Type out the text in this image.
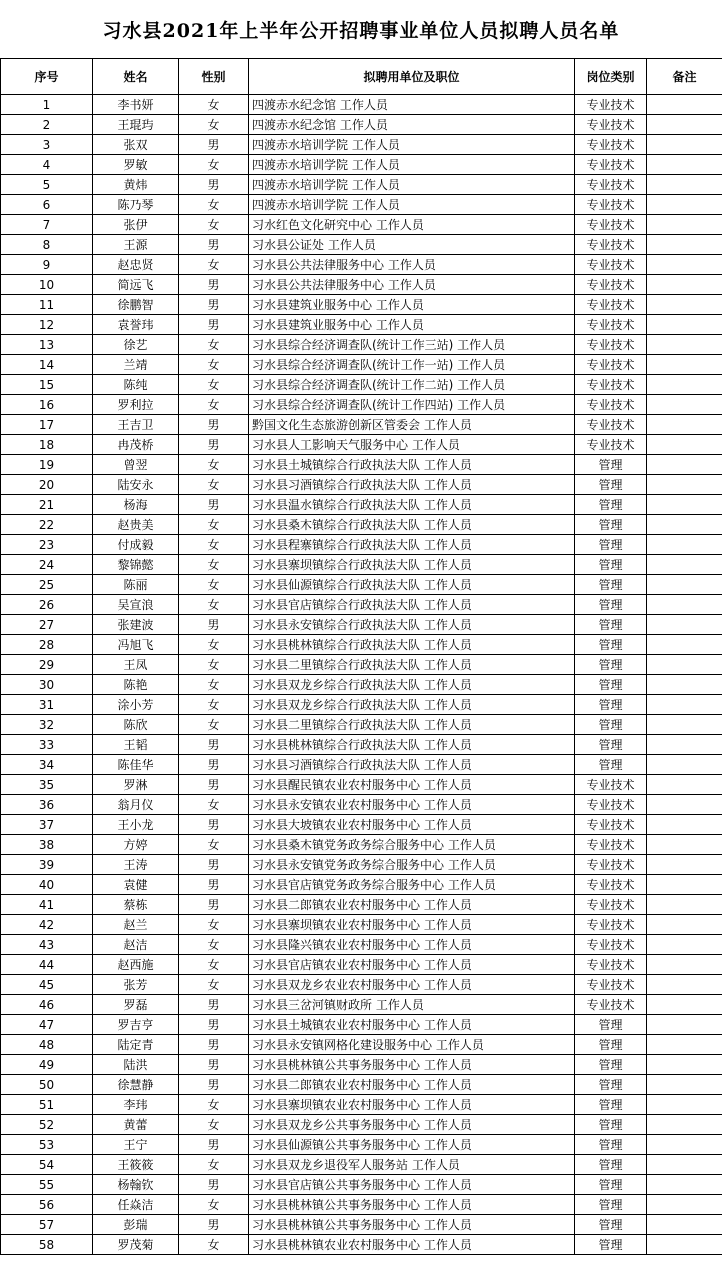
习水县2021年上半年公开招聘事业单位人员拟聘人员名单
序号	姓名	性别	拟聘用单位及职位	岗位类别	备注
1	李书妍	女	四渡赤水纪念馆 工作人员	专业技术	
2	王琨玙	女	四渡赤水纪念馆 工作人员	专业技术	
3	张双	男	四渡赤水培训学院 工作人员	专业技术	
4	罗敏	女	四渡赤水培训学院 工作人员	专业技术	
5	黄炜	男	四渡赤水培训学院 工作人员	专业技术	
6	陈乃琴	女	四渡赤水培训学院 工作人员	专业技术	
7	张伊	女	习水红色文化研究中心 工作人员	专业技术	
8	王源	男	习水县公证处 工作人员	专业技术	
9	赵忠贤	女	习水县公共法律服务中心 工作人员	专业技术	
10	简远飞	男	习水县公共法律服务中心 工作人员	专业技术	
11	徐鹏智	男	习水县建筑业服务中心 工作人员	专业技术	
12	袁誉玮	男	习水县建筑业服务中心 工作人员	专业技术	
13	徐艺	女	习水县综合经济调查队(统计工作三站) 工作人员	专业技术	
14	兰靖	女	习水县综合经济调查队(统计工作一站) 工作人员	专业技术	
15	陈纯	女	习水县综合经济调查队(统计工作二站) 工作人员	专业技术	
16	罗利拉	女	习水县综合经济调查队(统计工作四站) 工作人员	专业技术	
17	王吉卫	男	黔国文化生态旅游创新区管委会 工作人员	专业技术	
18	冉茂桥	男	习水县人工影响天气服务中心 工作人员	专业技术	
19	曾翌	女	习水县土城镇综合行政执法大队 工作人员	管理	
20	陆安永	女	习水县习酒镇综合行政执法大队 工作人员	管理	
21	杨海	男	习水县温水镇综合行政执法大队 工作人员	管理	
22	赵贵美	女	习水县桑木镇综合行政执法大队 工作人员	管理	
23	付成毅	女	习水县程寨镇综合行政执法大队 工作人员	管理	
24	黎锦懿	女	习水县寨坝镇综合行政执法大队 工作人员	管理	
25	陈丽	女	习水县仙源镇综合行政执法大队 工作人员	管理	
26	吴宣浪	女	习水县官店镇综合行政执法大队 工作人员	管理	
27	张建波	男	习水县永安镇综合行政执法大队 工作人员	管理	
28	冯旭飞	女	习水县桃林镇综合行政执法大队 工作人员	管理	
29	王凤	女	习水县二里镇综合行政执法大队 工作人员	管理	
30	陈艳	女	习水县双龙乡综合行政执法大队 工作人员	管理	
31	涂小芳	女	习水县双龙乡综合行政执法大队 工作人员	管理	
32	陈欣	女	习水县二里镇综合行政执法大队 工作人员	管理	
33	王韬	男	习水县桃林镇综合行政执法大队 工作人员	管理	
34	陈佳华	男	习水县习酒镇综合行政执法大队 工作人员	管理	
35	罗淋	男	习水县醒民镇农业农村服务中心 工作人员	专业技术	
36	翁月仪	女	习水县永安镇农业农村服务中心 工作人员	专业技术	
37	王小龙	男	习水县大坡镇农业农村服务中心 工作人员	专业技术	
38	方婷	女	习水县桑木镇党务政务综合服务中心 工作人员	专业技术	
39	王涛	男	习水县永安镇党务政务综合服务中心 工作人员	专业技术	
40	袁健	男	习水县官店镇党务政务综合服务中心 工作人员	专业技术	
41	蔡栋	男	习水县二郎镇农业农村服务中心 工作人员	专业技术	
42	赵兰	女	习水县寨坝镇农业农村服务中心 工作人员	专业技术	
43	赵洁	女	习水县隆兴镇农业农村服务中心 工作人员	专业技术	
44	赵西施	女	习水县官店镇农业农村服务中心 工作人员	专业技术	
45	张芳	女	习水县双龙乡农业农村服务中心 工作人员	专业技术	
46	罗磊	男	习水县三岔河镇财政所 工作人员	专业技术	
47	罗吉亨	男	习水县土城镇农业农村服务中心 工作人员	管理	
48	陆定青	男	习水县永安镇网格化建设服务中心 工作人员	管理	
49	陆洪	男	习水县桃林镇公共事务服务中心 工作人员	管理	
50	徐慧静	男	习水县二郎镇农业农村服务中心 工作人员	管理	
51	李玮	女	习水县寨坝镇农业农村服务中心 工作人员	管理	
52	黄蕾	女	习水县双龙乡公共事务服务中心 工作人员	管理	
53	王宁	男	习水县仙源镇公共事务服务中心 工作人员	管理	
54	王筱筱	女	习水县双龙乡退役军人服务站 工作人员	管理	
55	杨翰钦	男	习水县官店镇公共事务服务中心 工作人员	管理	
56	任焱洁	女	习水县桃林镇公共事务服务中心 工作人员	管理	
57	彭瑞	男	习水县桃林镇公共事务服务中心 工作人员	管理	
58	罗茂菊	女	习水县桃林镇农业农村服务中心 工作人员	管理	
